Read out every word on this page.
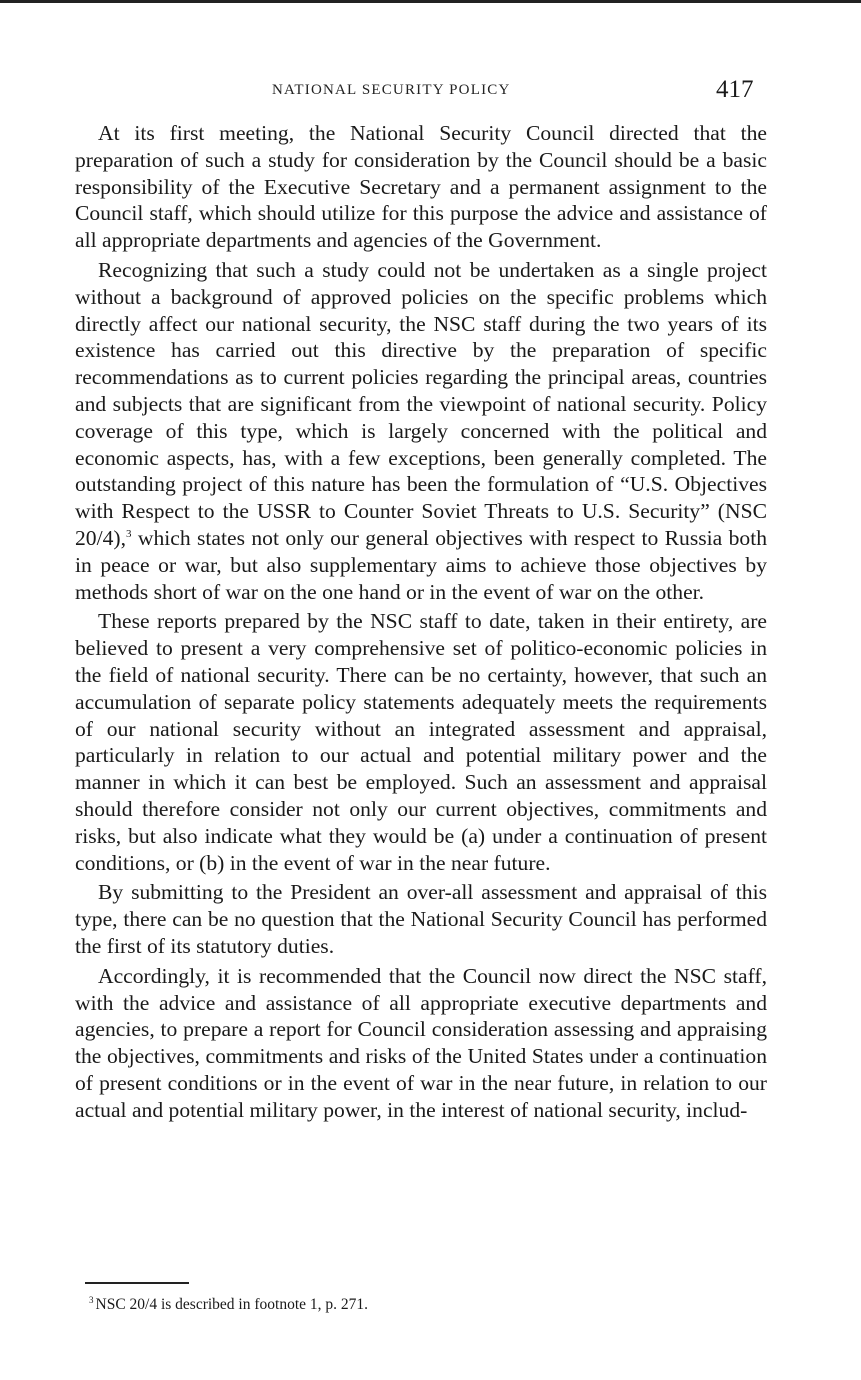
NATIONAL SECURITY POLICY	417

At its first meeting, the National Security Council directed that the preparation of such a study for consideration by the Council should be a basic responsibility of the Executive Secretary and a permanent assignment to the Council staff, which should utilize for this purpose the advice and assistance of all appropriate departments and agencies of the Government.

Recognizing that such a study could not be undertaken as a single project without a background of approved policies on the specific problems which directly affect our national security, the NSC staff during the two years of its existence has carried out this directive by the preparation of specific recommendations as to current policies regarding the principal areas, countries and subjects that are significant from the viewpoint of national security. Policy coverage of this type, which is largely concerned with the political and economic aspects, has, with a few exceptions, been generally completed. The outstanding project of this nature has been the formulation of “U.S. Objectives with Respect to the USSR to Counter Soviet Threats to U.S. Security” (NSC 20/4),$^3$ which states not only our general objectives with respect to Russia both in peace or war, but also supplementary aims to achieve those objectives by methods short of war on the one hand or in the event of war on the other.

These reports prepared by the NSC staff to date, taken in their entirety, are believed to present a very comprehensive set of politico-economic policies in the field of national security. There can be no certainty, however, that such an accumulation of separate policy statements adequately meets the requirements of our national security without an integrated assessment and appraisal, particularly in relation to our actual and potential military power and the manner in which it can best be employed. Such an assessment and appraisal should therefore consider not only our current objectives, commitments and risks, but also indicate what they would be (a) under a continuation of present conditions, or (b) in the event of war in the near future.

By submitting to the President an over-all assessment and appraisal of this type, there can be no question that the National Security Council has performed the first of its statutory duties.

Accordingly, it is recommended that the Council now direct the NSC staff, with the advice and assistance of all appropriate executive departments and agencies, to prepare a report for Council consideration assessing and appraising the objectives, commitments and risks of the United States under a continuation of present conditions or in the event of war in the near future, in relation to our actual and potential military power, in the interest of national security, includ-

$^3$ NSC 20/4 is described in footnote 1, p. 271.
